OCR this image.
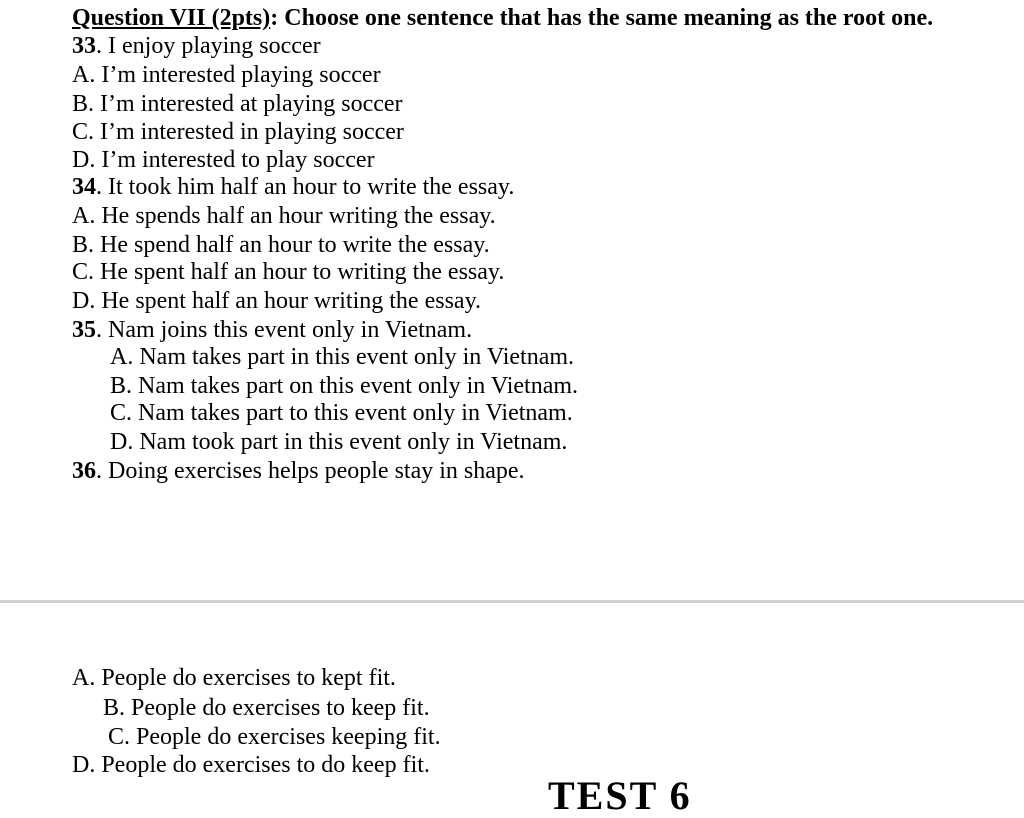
Question VII (2pts): Choose one sentence that has the same meaning as the root one.
33. I enjoy playing soccer
A. I’m interested playing soccer
B. I’m interested at playing soccer
C. I’m interested in playing soccer
D. I’m interested to play soccer
34. It took him half an hour to write the essay.
A. He spends half an hour writing the essay.
B. He spend half an hour to write the essay.
C. He spent half an hour to writing the essay.
D. He spent half an hour writing the essay.
35. Nam joins this event only in Vietnam.
A. Nam takes part in this event only in Vietnam.
B. Nam takes part on this event only in Vietnam.
C. Nam takes part to this event only in Vietnam.
D. Nam took part in this event only in Vietnam.
36. Doing exercises helps people stay in shape.
A. People do exercises to kept fit.
B. People do exercises to keep fit.
C. People do exercises keeping fit.
D. People do exercises to do keep fit.
TEST 6
